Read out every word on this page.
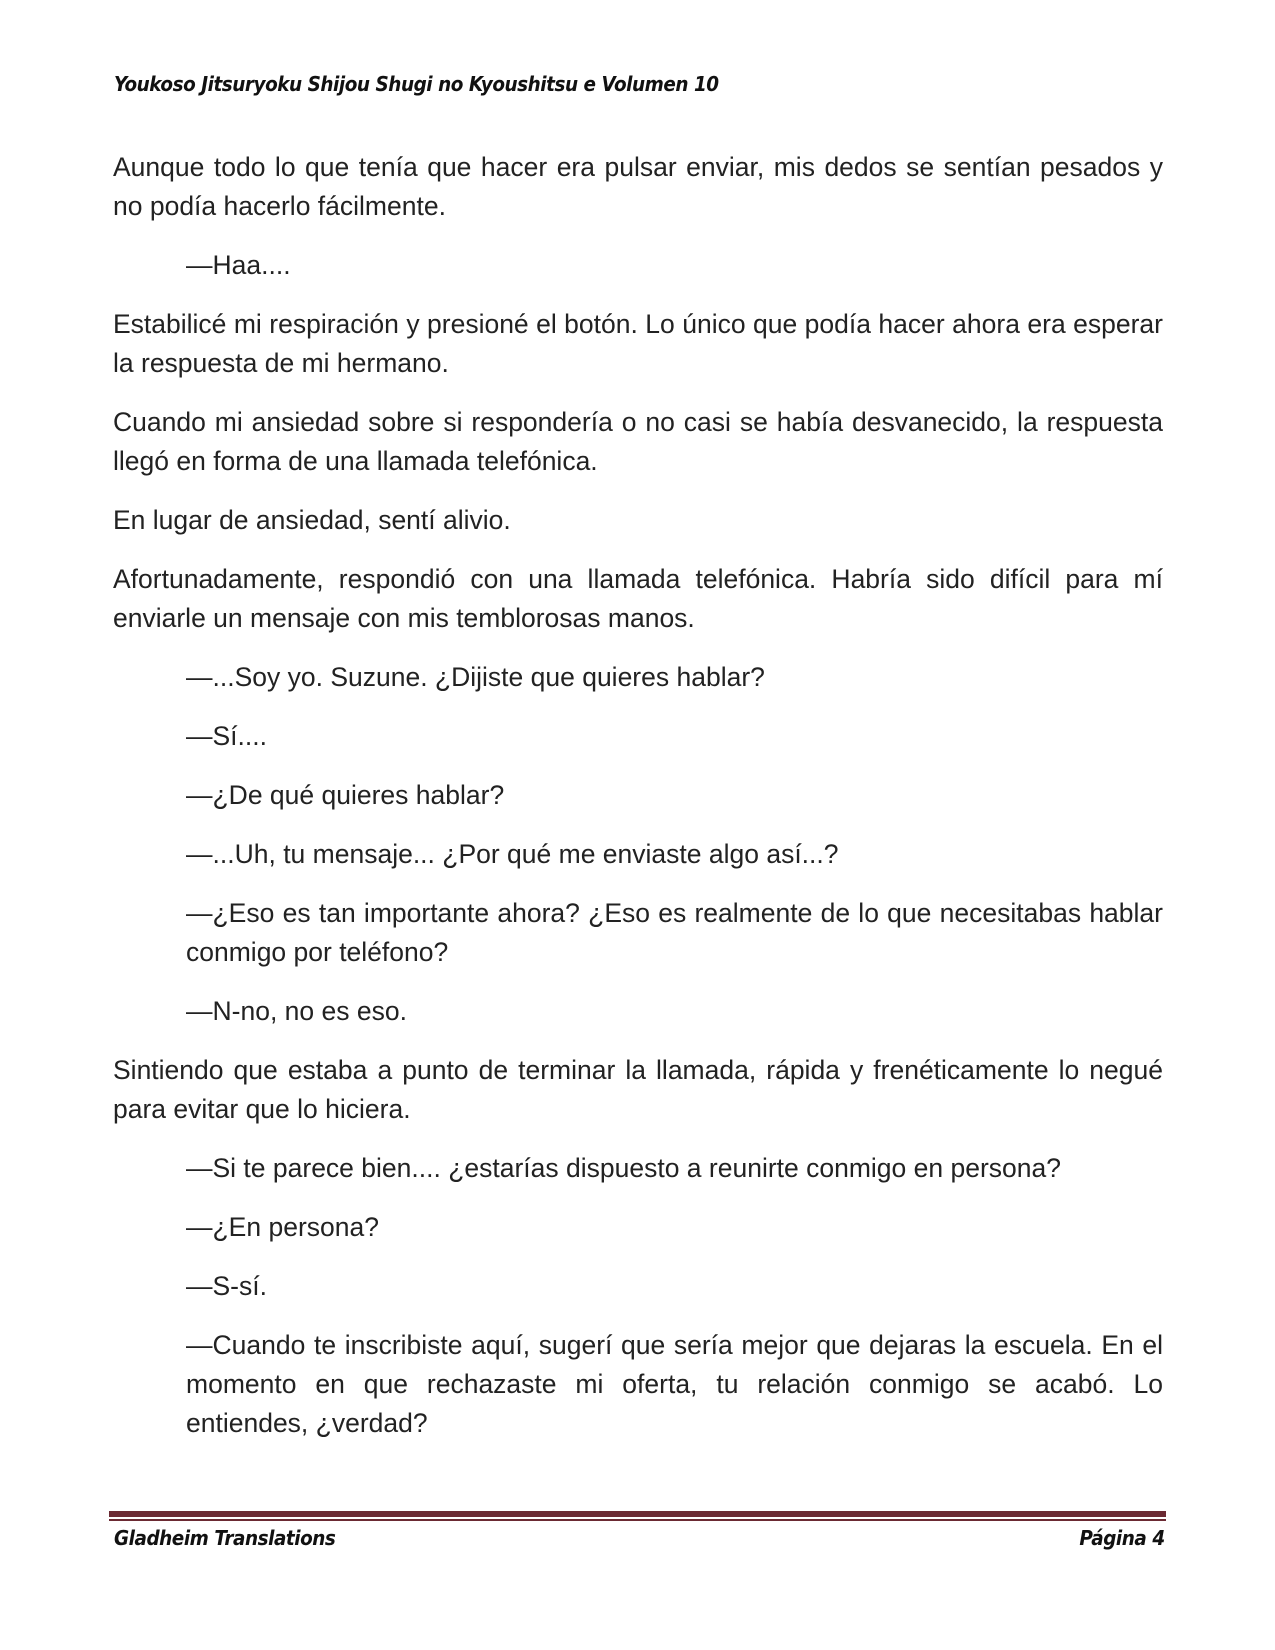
Youkoso Jitsuryoku Shijou Shugi no Kyoushitsu e Volumen 10

Aunque todo lo que tenía que hacer era pulsar enviar, mis dedos se sentían pesados y no podía hacerlo fácilmente.

—Haa....

Estabilicé mi respiración y presioné el botón. Lo único que podía hacer ahora era esperar la respuesta de mi hermano.

Cuando mi ansiedad sobre si respondería o no casi se había desvanecido, la respuesta llegó en forma de una llamada telefónica.

En lugar de ansiedad, sentí alivio.

Afortunadamente, respondió con una llamada telefónica. Habría sido difícil para mí enviarle un mensaje con mis temblorosas manos.

—...Soy yo. Suzune. ¿Dijiste que quieres hablar?

—Sí....

—¿De qué quieres hablar?

—...Uh, tu mensaje... ¿Por qué me enviaste algo así...?

—¿Eso es tan importante ahora? ¿Eso es realmente de lo que necesitabas hablar conmigo por teléfono?

—N-no, no es eso.

Sintiendo que estaba a punto de terminar la llamada, rápida y frenéticamente lo negué para evitar que lo hiciera.

—Si te parece bien.... ¿estarías dispuesto a reunirte conmigo en persona?

—¿En persona?

—S-sí.

—Cuando te inscribiste aquí, sugerí que sería mejor que dejaras la escuela. En el momento en que rechazaste mi oferta, tu relación conmigo se acabó. Lo entiendes, ¿verdad?

Gladheim Translations	Página 4
